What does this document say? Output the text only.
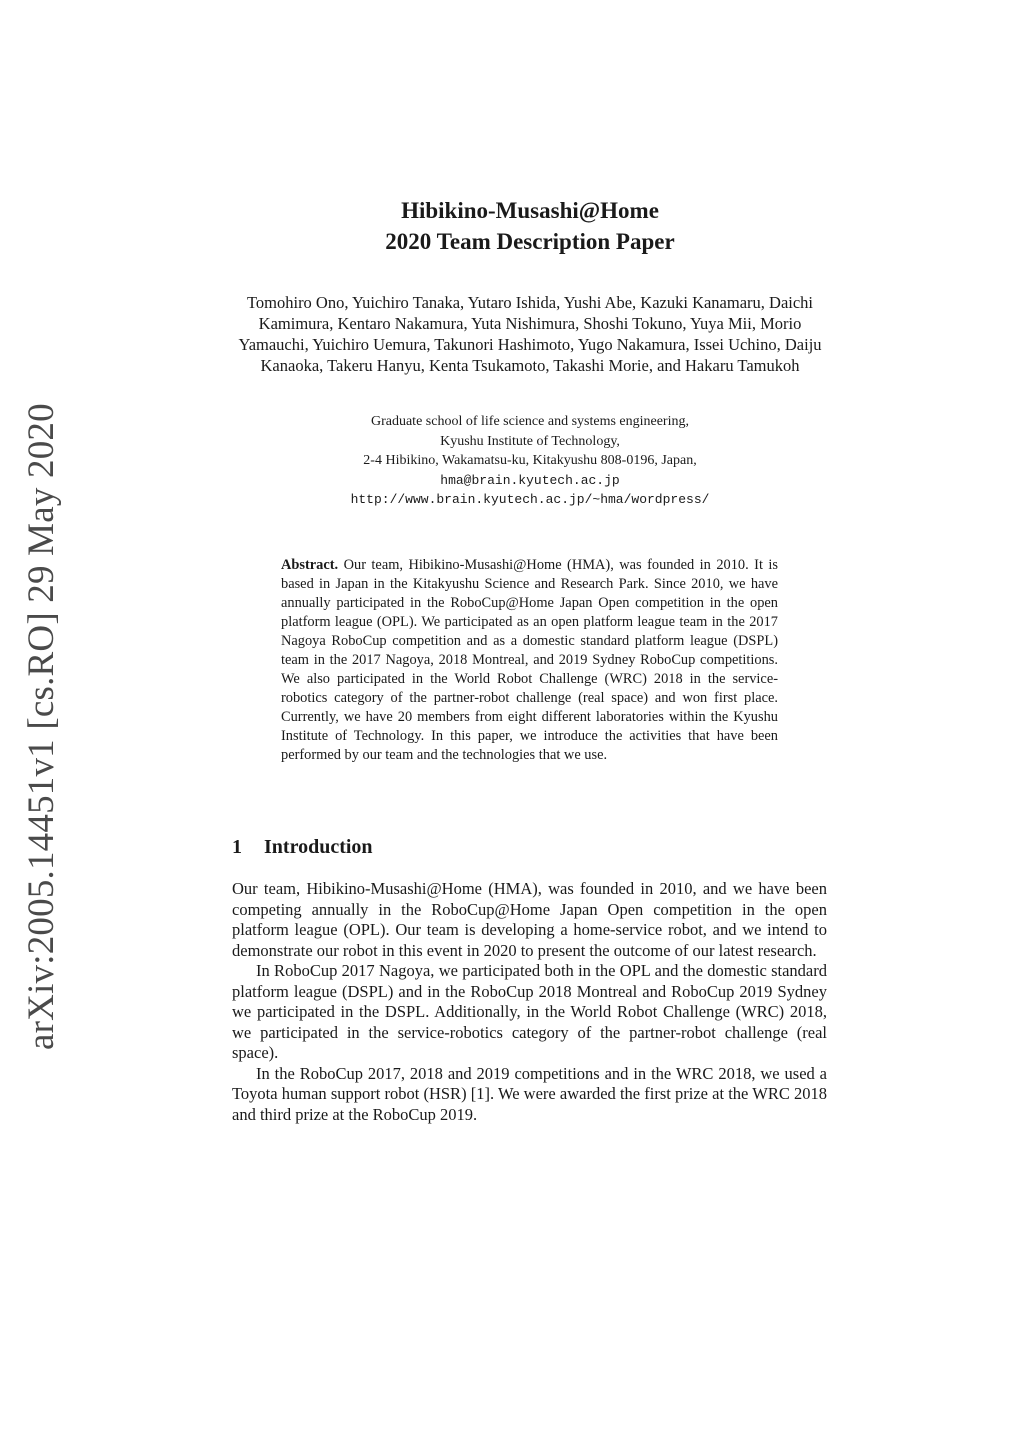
arXiv:2005.14451v1 [cs.RO] 29 May 2020
Hibikino-Musashi@Home
2020 Team Description Paper
Tomohiro Ono, Yuichiro Tanaka, Yutaro Ishida, Yushi Abe, Kazuki Kanamaru, Daichi Kamimura, Kentaro Nakamura, Yuta Nishimura, Shoshi Tokuno, Yuya Mii, Morio Yamauchi, Yuichiro Uemura, Takunori Hashimoto, Yugo Nakamura, Issei Uchino, Daiju Kanaoka, Takeru Hanyu, Kenta Tsukamoto, Takashi Morie, and Hakaru Tamukoh
Graduate school of life science and systems engineering,
Kyushu Institute of Technology,
2-4 Hibikino, Wakamatsu-ku, Kitakyushu 808-0196, Japan,
hma@brain.kyutech.ac.jp
http://www.brain.kyutech.ac.jp/~hma/wordpress/
Abstract. Our team, Hibikino-Musashi@Home (HMA), was founded in 2010. It is based in Japan in the Kitakyushu Science and Research Park. Since 2010, we have annually participated in the RoboCup@Home Japan Open competition in the open platform league (OPL). We participated as an open platform league team in the 2017 Nagoya RoboCup competition and as a domestic standard platform league (DSPL) team in the 2017 Nagoya, 2018 Montreal, and 2019 Sydney RoboCup competitions. We also participated in the World Robot Challenge (WRC) 2018 in the service-robotics category of the partner-robot challenge (real space) and won first place. Currently, we have 20 members from eight different laboratories within the Kyushu Institute of Technology. In this paper, we introduce the activities that have been performed by our team and the technologies that we use.
1 Introduction

Our team, Hibikino-Musashi@Home (HMA), was founded in 2010, and we have been competing annually in the RoboCup@Home Japan Open competition in the open platform league (OPL). Our team is developing a home-service robot, and we intend to demonstrate our robot in this event in 2020 to present the outcome of our latest research.

In RoboCup 2017 Nagoya, we participated both in the OPL and the domestic standard platform league (DSPL) and in the RoboCup 2018 Montreal and RoboCup 2019 Sydney we participated in the DSPL. Additionally, in the World Robot Challenge (WRC) 2018, we participated in the service-robotics category of the partner-robot challenge (real space).

In the RoboCup 2017, 2018 and 2019 competitions and in the WRC 2018, we used a Toyota human support robot (HSR) [1]. We were awarded the first prize at the WRC 2018 and third prize at the RoboCup 2019.
